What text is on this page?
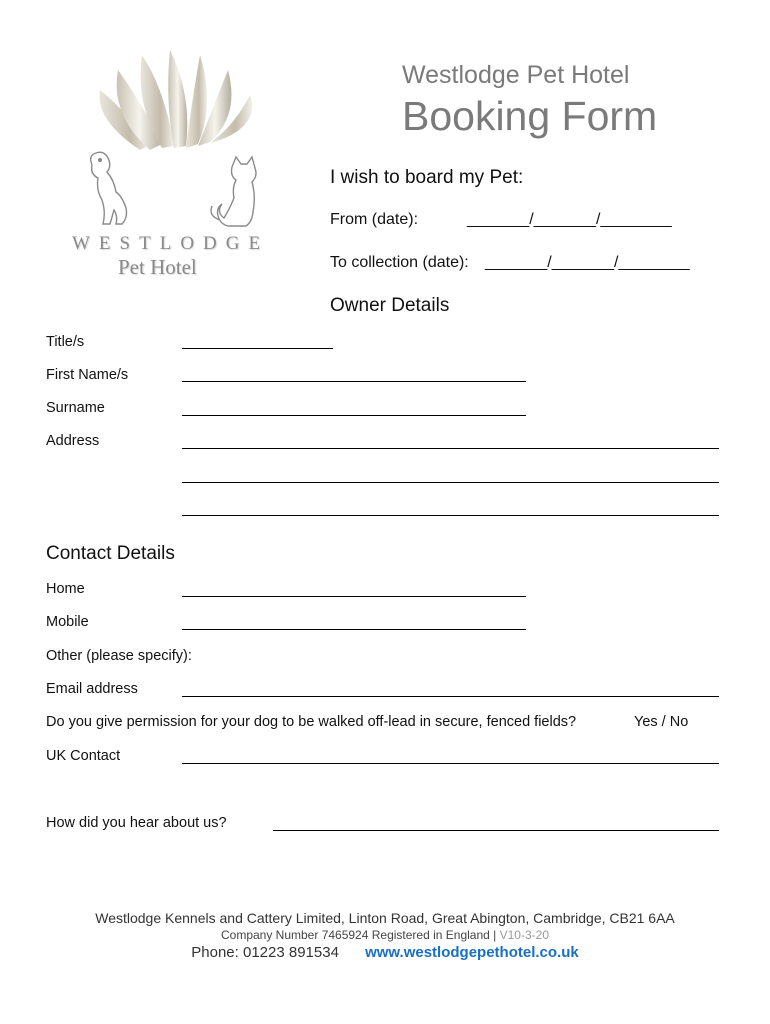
WESTLODGE
Pet Hotel
Westlodge Pet Hotel
Booking Form
I wish to board my Pet:
From (date):	_______/_______/________
To collection (date): _______/_______/________
Owner Details
Title/s
First Name/s
Surname
Address
Contact Details
Home
Mobile
Other (please specify):
Email address
Do you give permission for your dog to be walked off-lead in secure, fenced fields?	Yes / No
UK Contact
How did you hear about us?
Westlodge Kennels and Cattery Limited, Linton Road, Great Abington, Cambridge, CB21 6AA
Company Number 7465924 Registered in England | V10-3-20
Phone: 01223 891534 www.westlodgepethotel.co.uk
